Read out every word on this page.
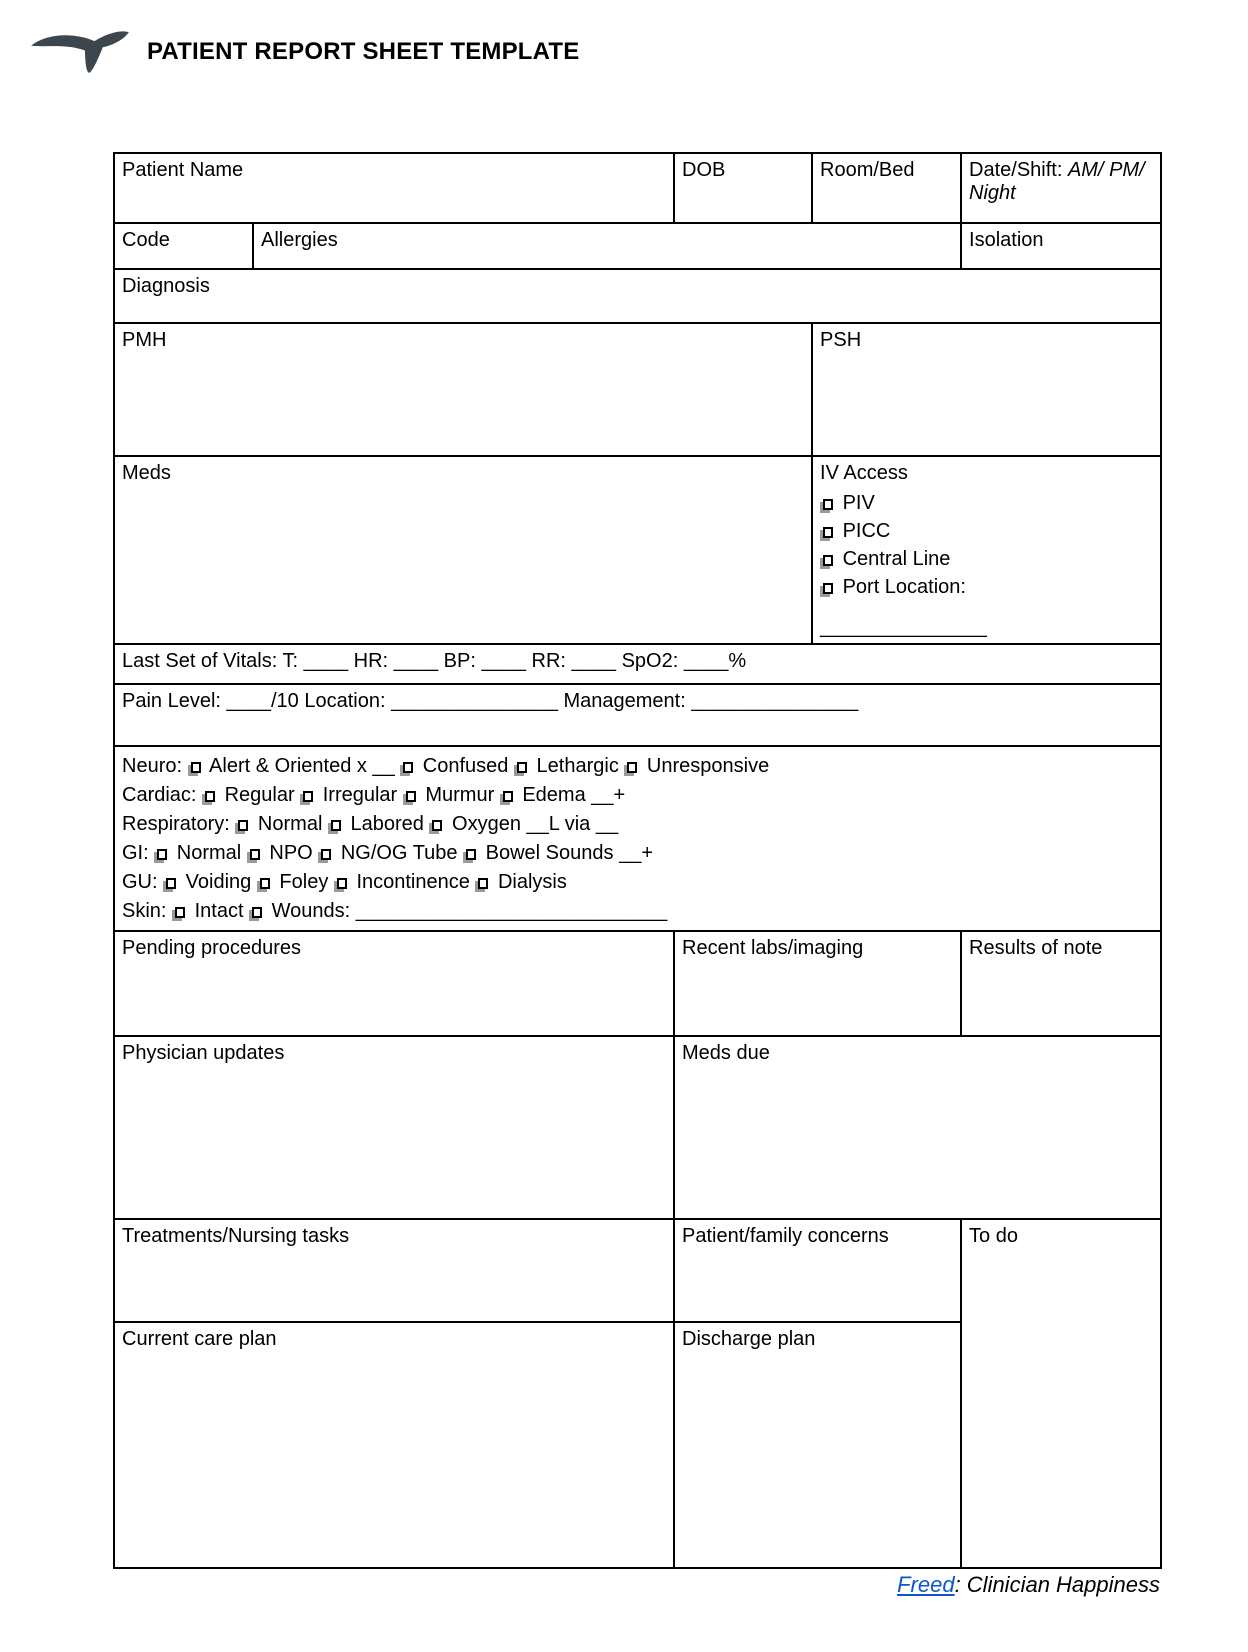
PATIENT REPORT SHEET TEMPLATE
Patient Name		DOB	Room/Bed	Date/Shift: AM/ PM/ Night
Code	Allergies			Isolation
Diagnosis				
PMH			PSH	
Meds	IV Access
PIV
PICC
Central Line
Port Location:
_______________

Last Set of Vitals: T: ____ HR: ____ BP: ____ RR: ____ SpO2: ____%				
Pain Level: ____/10 Location: _______________ Management: _______________				

Neuro:  Alert & Oriented x __  Confused  Lethargic  Unresponsive
Cardiac:  Regular  Irregular  Murmur  Edema __+
Respiratory:  Normal  Labored  Oxygen __L via __
GI:  Normal  NPO  NG/OG Tube  Bowel Sounds __+
GU:  Voiding  Foley  Incontinence  Dialysis
Skin:  Intact  Wounds: ____________________________

Pending procedures		Recent labs/imaging		Results of note
Physician updates		Meds due		
Treatments/Nursing tasks		Patient/family concerns		To do
Current care plan		Discharge plan		
Freed: Clinician Happiness
